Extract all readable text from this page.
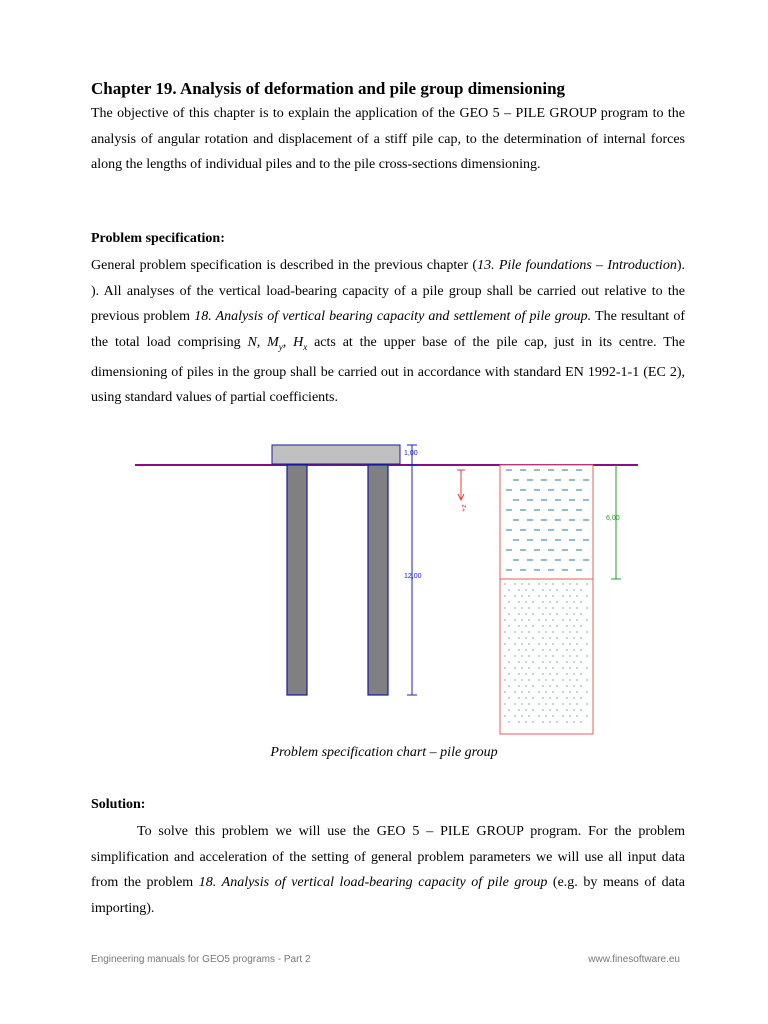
Chapter 19. Analysis of deformation and pile group dimensioning
The objective of this chapter is to explain the application of the GEO 5 – PILE GROUP program to the analysis of angular rotation and displacement of a stiff pile cap, to the determination of internal forces along the lengths of individual piles and to the pile cross-sections dimensioning.
Problem specification:
General problem specification is described in the previous chapter (13. Pile foundations – Introduction). ). All analyses of the vertical load-bearing capacity of a pile group shall be carried out relative to the previous problem 18. Analysis of vertical bearing capacity and settlement of pile group. The resultant of the total load comprising N, $M_y$, $H_x$ acts at the upper base of the pile cap, just in its centre. The dimensioning of piles in the group shall be carried out in accordance with standard EN 1992-1-1 (EC 2), using standard values of partial coefficients.
1,00
12,00
+z
6,00
Problem specification chart – pile group
Solution:
To solve this problem we will use the GEO 5 – PILE GROUP program. For the problem simplification and acceleration of the setting of general problem parameters we will use all input data from the problem 18. Analysis of vertical load-bearing capacity of pile group (e.g. by means of data importing).
Engineering manuals for GEO5 programs - Part 2	www.finesoftware.eu
